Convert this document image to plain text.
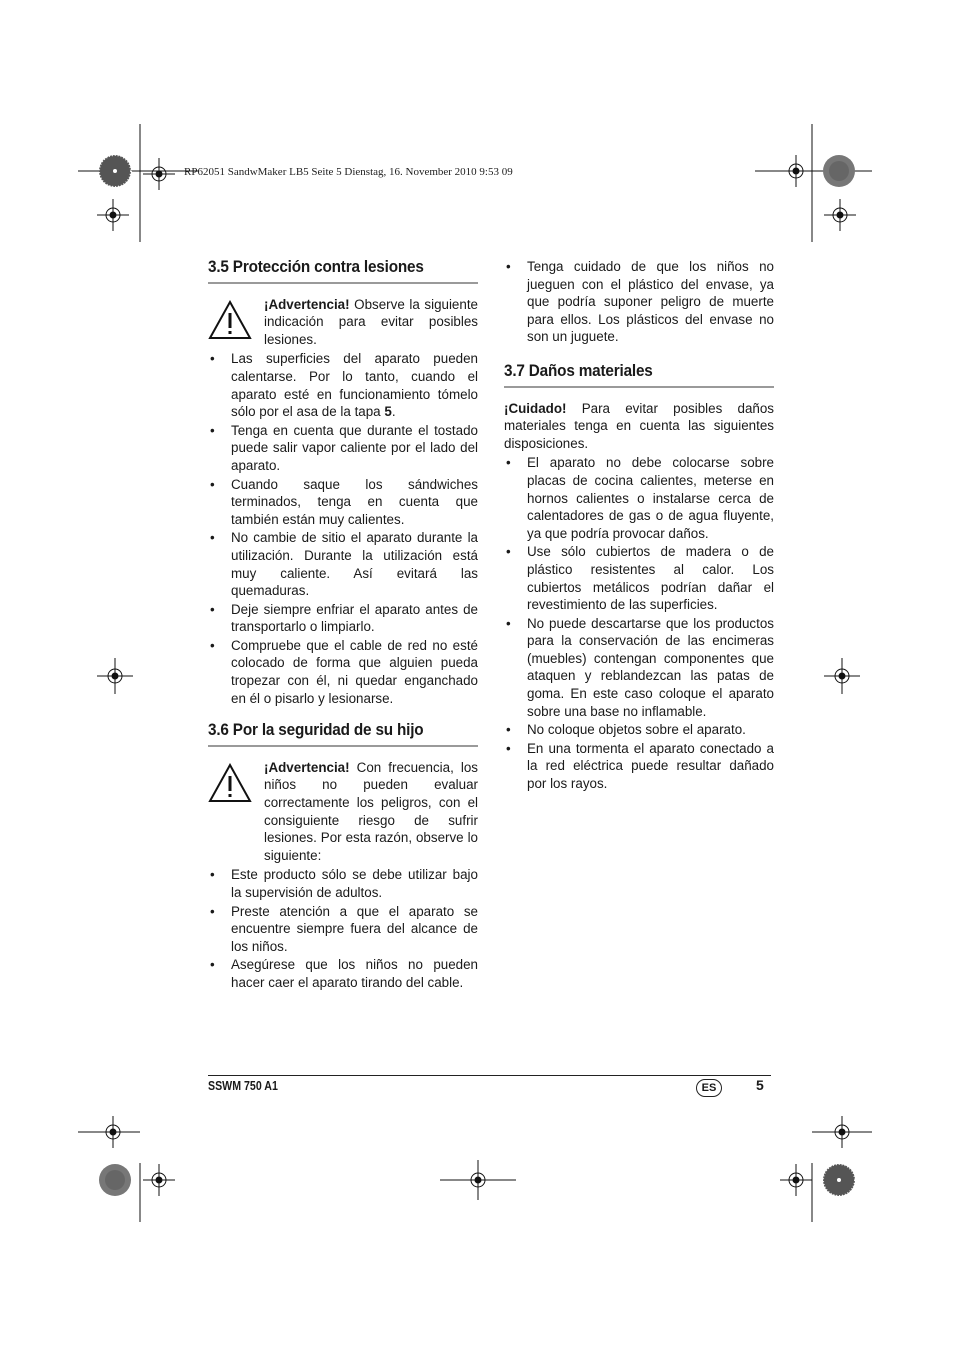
RP62051 SandwMaker LB5 Seite 5 Dienstag, 16. November 2010 9:53 09
3.5 Protección contra lesiones
¡Advertencia! Observe la siguiente indicación para evitar posibles lesiones.
• Las superficies del aparato pueden calentarse. Por lo tanto, cuando el aparato esté en funcionamiento tómelo sólo por el asa de la tapa 5.
• Tenga en cuenta que durante el tostado puede salir vapor caliente por el lado del aparato.
• Cuando saque los sándwiches terminados, tenga en cuenta que también están muy calientes.
• No cambie de sitio el aparato durante la utilización. Durante la utilización está muy caliente. Así evitará las quemaduras.
• Deje siempre enfriar el aparato antes de transportarlo o limpiarlo.
• Compruebe que el cable de red no esté colocado de forma que alguien pueda tropezar con él, ni quedar enganchado en él o pisarlo y lesionarse.
3.6 Por la seguridad de su hijo
¡Advertencia! Con frecuencia, los niños no pueden evaluar correctamente los peligros, con el consiguiente riesgo de sufrir lesiones. Por esta razón, observe lo siguiente:
• Este producto sólo se debe utilizar bajo la supervisión de adultos.
• Preste atención a que el aparato se encuentre siempre fuera del alcance de los niños.
• Asegúrese que los niños no pueden hacer caer el aparato tirando del cable.
• Tenga cuidado de que los niños no jueguen con el plástico del envase, ya que podría suponer peligro de muerte para ellos. Los plásticos del envase no son un juguete.
3.7 Daños materiales
¡Cuidado! Para evitar posibles daños materiales tenga en cuenta las siguientes disposiciones.
• El aparato no debe colocarse sobre placas de cocina calientes, meterse en hornos calientes o instalarse cerca de calentadores de gas o de agua fluyente, ya que podría provocar daños.
• Use sólo cubiertos de madera o de plástico resistentes al calor. Los cubiertos metálicos podrían dañar el revestimiento de las superficies.
• No puede descartarse que los productos para la conservación de las encimeras (muebles) contengan componentes que ataquen y reblandezcan las patas de goma. En este caso coloque el aparato sobre una base no inflamable.
• No coloque objetos sobre el aparato.
• En una tormenta el aparato conectado a la red eléctrica puede resultar dañado por los rayos.
SSWM 750 A1	ES	5
